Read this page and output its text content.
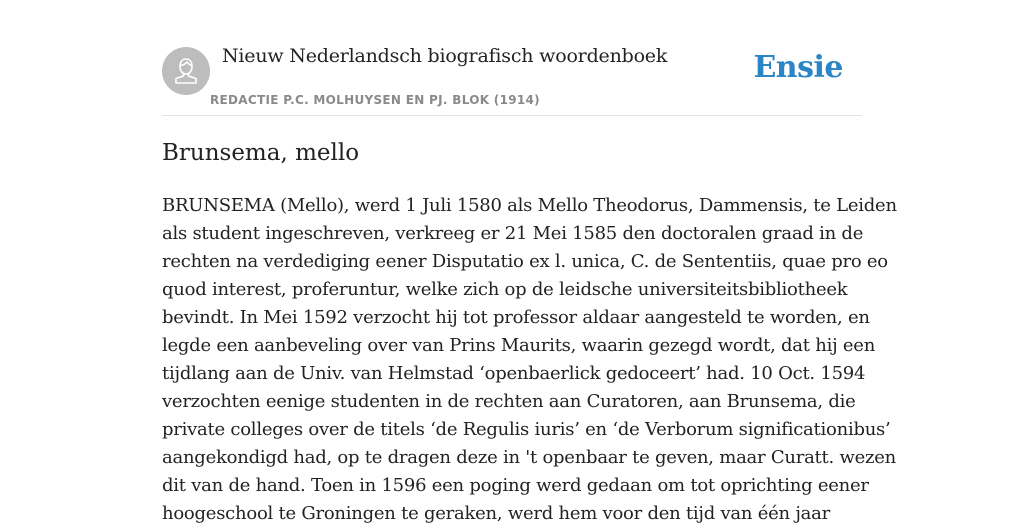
Nieuw Nederlandsch biografisch woordenboek
REDACTIE P.C. MOLHUYSEN EN PJ. BLOK (1914)
Ensie
Brunsema, mello
BRUNSEMA (Mello), werd 1 Juli 1580 als Mello Theodorus, Dammensis, te Leiden
als student ingeschreven, verkreeg er 21 Mei 1585 den doctoralen graad in de
rechten na verdediging eener Disputatio ex l. unica, C. de Sententiis, quae pro eo
quod interest, proferuntur, welke zich op de leidsche universiteitsbibliotheek
bevindt. In Mei 1592 verzocht hij tot professor aldaar aangesteld te worden, en
legde een aanbeveling over van Prins Maurits, waarin gezegd wordt, dat hij een
tijdlang aan de Univ. van Helmstad ‘openbaerlick gedoceert’ had. 10 Oct. 1594
verzochten eenige studenten in de rechten aan Curatoren, aan Brunsema, die
private colleges over de titels ‘de Regulis iuris’ en ‘de Verborum significationibus’
aangekondigd had, op te dragen deze in 't openbaar te geven, maar Curatt. wezen
dit van de hand. Toen in 1596 een poging werd gedaan om tot oprichting eener
hoogeschool te Groningen te geraken, werd hem voor den tijd van één jaar
